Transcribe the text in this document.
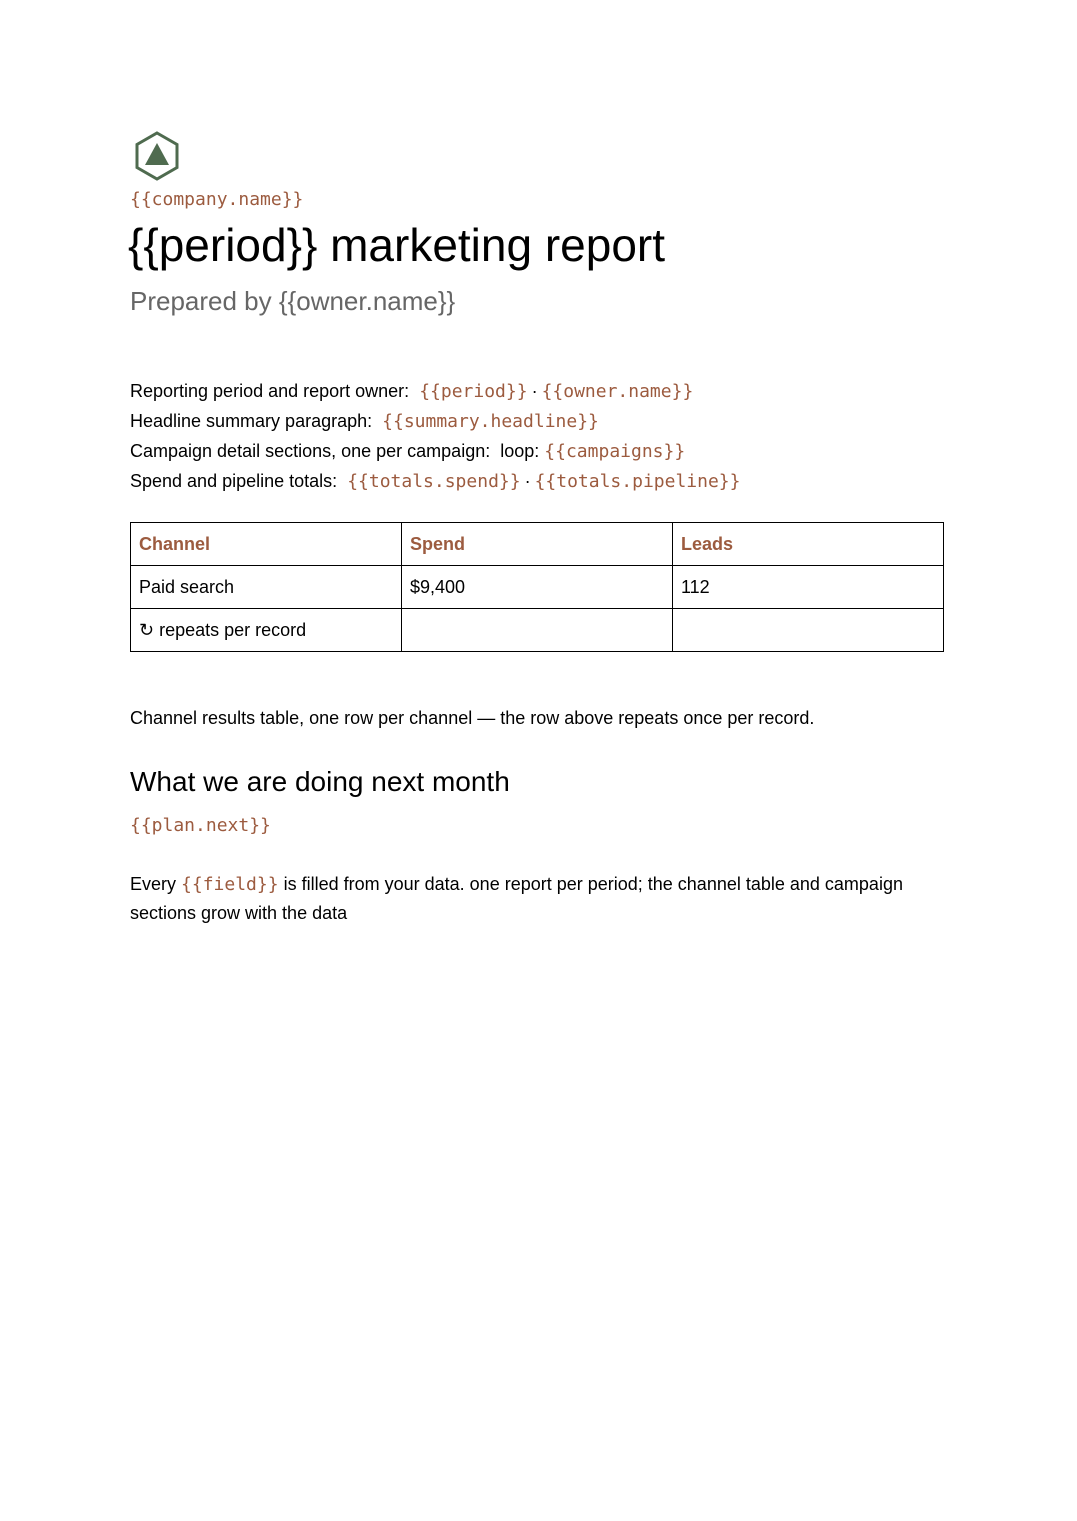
{{company.name}}
{{period}} marketing report
Prepared by {{owner.name}}
Reporting period and report owner: {{period}} · {{owner.name}}
Headline summary paragraph: {{summary.headline}}
Campaign detail sections, one per campaign: loop: {{campaigns}}
Spend and pipeline totals: {{totals.spend}} · {{totals.pipeline}}
Channel	Spend	Leads
Paid search	$9,400	112
↻ repeats per record		
Channel results table, one row per channel — the row above repeats once per record.
What we are doing next month
{{plan.next}}
Every {{field}} is filled from your data. one report per period; the channel table and campaign sections grow with the data
